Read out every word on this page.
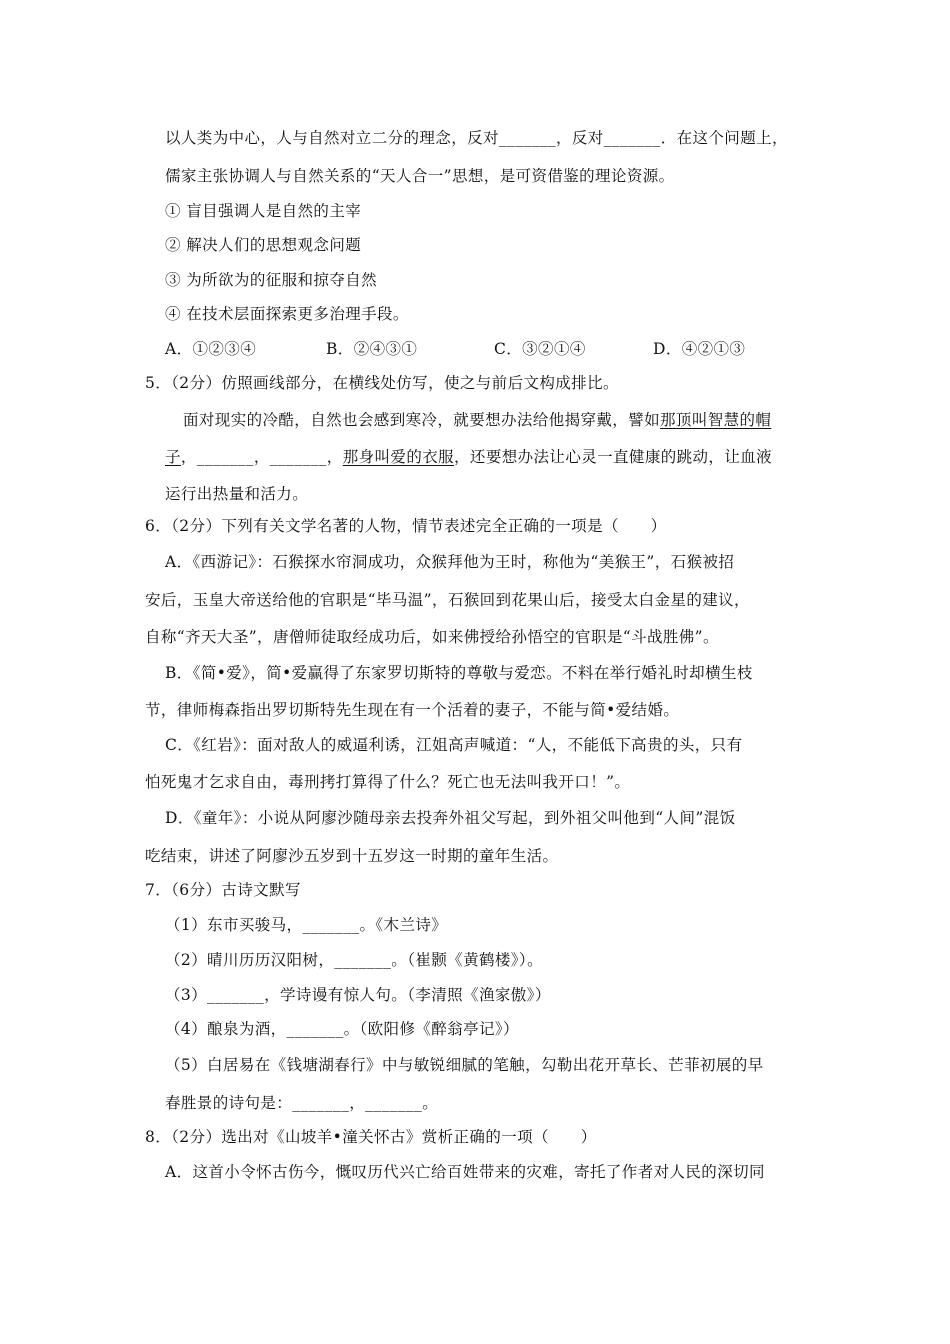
以人类为中心，人与自然对立二分的理念，反对_______，反对_______．在这个问题上，
儒家主张协调人与自然关系的“天人合一”思想，是可资借鉴的理论资源。
① 盲目强调人是自然的主宰
② 解决人们的思想观念问题
③ 为所欲为的征服和掠夺自然
④ 在技术层面探索更多治理手段。
A．①②③④	B．②④③①	C．③②①④	D．④②①③
5．（2分）仿照画线部分，在横线处仿写，使之与前后文构成排比。
面对现实的冷酷，自然也会感到寒冷，就要想办法给他揭穿戴，譬如那顶叫智慧的帽
子，_______，_______，那身叫爱的衣服，还要想办法让心灵一直健康的跳动，让血液
运行出热量和活力。
6．（2分）下列有关文学名著的人物，情节表述完全正确的一项是（　　）
A．《西游记》：石猴探水帘洞成功，众猴拜他为王时，称他为“美猴王”，石猴被招
安后，玉皇大帝送给他的官职是“毕马温”，石猴回到花果山后，接受太白金星的建议，
自称“齐天大圣”，唐僧师徒取经成功后，如来佛授给孙悟空的官职是“斗战胜佛”。
B．《简•爱》，简•爱赢得了东家罗切斯特的尊敬与爱恋。不料在举行婚礼时却横生枝
节，律师梅森指出罗切斯特先生现在有一个活着的妻子，不能与简•爱结婚。
C．《红岩》：面对敌人的威逼利诱，江姐高声喊道：“人，不能低下高贵的头，只有
怕死鬼才乞求自由，毒刑拷打算得了什么？死亡也无法叫我开口！”。
D．《童年》：小说从阿廖沙随母亲去投奔外祖父写起，到外祖父叫他到“人间”混饭
吃结束，讲述了阿廖沙五岁到十五岁这一时期的童年生活。
7．（6分）古诗文默写
（1）东市买骏马，_______。《木兰诗》
（2）晴川历历汉阳树，_______。（崔颢《黄鹤楼》）。
（3）_______，学诗谩有惊人句。（李清照《渔家傲》）
（4）酿泉为酒，_______。（欧阳修《醉翁亭记》）
（5）白居易在《钱塘湖春行》中与敏锐细腻的笔触，勾勒出花开草长、芒菲初展的早
春胜景的诗句是：_______，_______。
8．（2分）选出对《山坡羊•潼关怀古》赏析正确的一项（　　）
A．这首小令怀古伤今，慨叹历代兴亡给百姓带来的灾难，寄托了作者对人民的深切同
